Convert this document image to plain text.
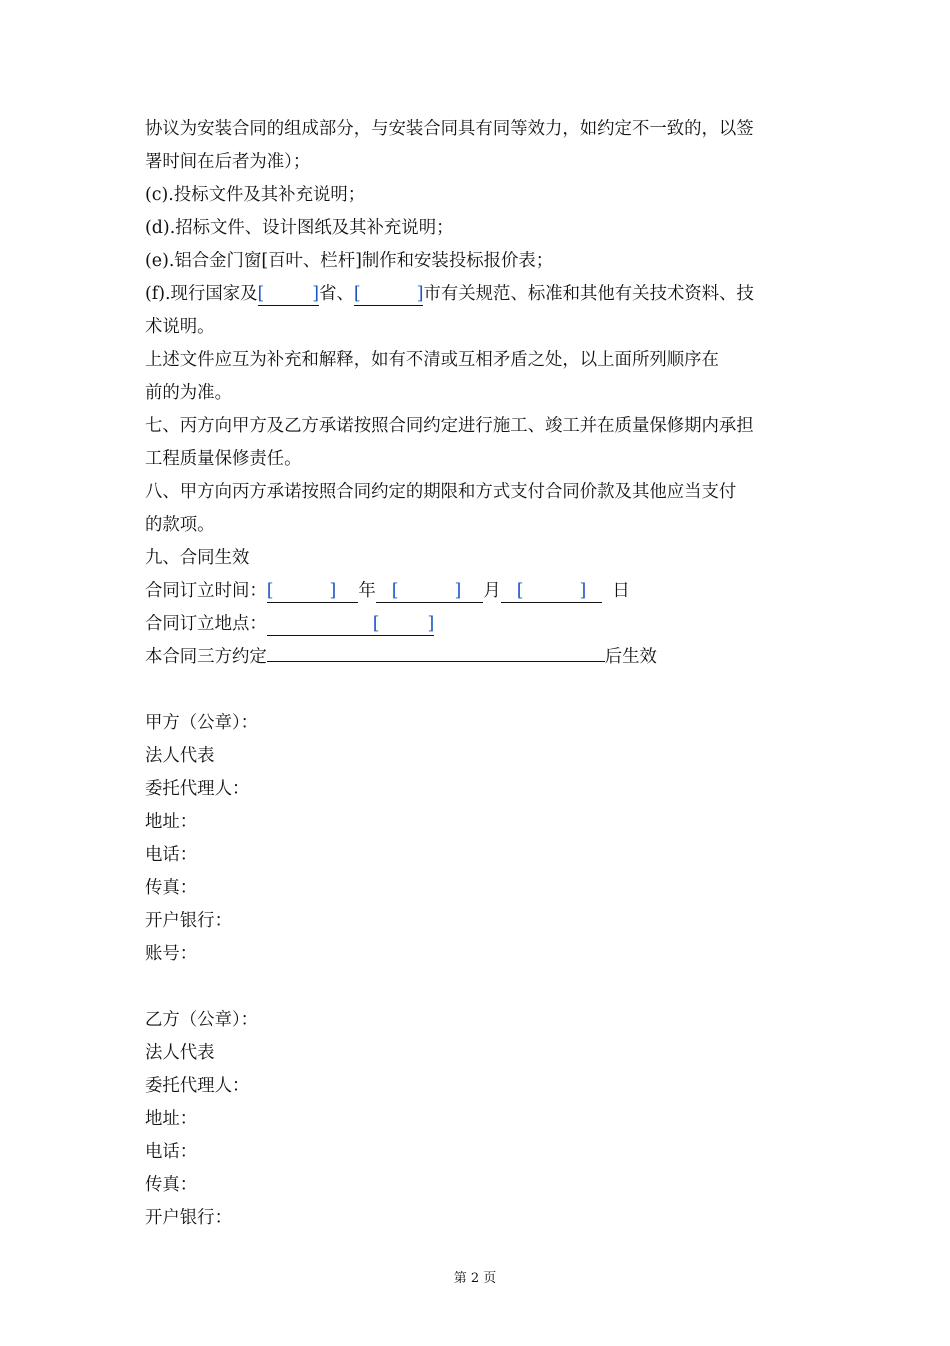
协议为安装合同的组成部分，与安装合同具有同等效力，如约定不一致的，以签
署时间在后者为准）；
(c).投标文件及其补充说明；
(d).招标文件、设计图纸及其补充说明；
(e).铝合金门窗[百叶、栏杆]制作和安装投标报价表；
(f).现行国家及[	]省、[	]市有关规范、标准和其他有关技术资料、技
术说明。
上述文件应互为补充和解释，如有不清或互相矛盾之处，以上面所列顺序在
前的为准。
七、丙方向甲方及乙方承诺按照合同约定进行施工、竣工并在质量保修期内承担
工程质量保修责任。
八、甲方向丙方承诺按照合同约定的期限和方式支付合同价款及其他应当支付
的款项。
九、合同生效
合同订立时间：[	] 年 [	] 月 [	] 日
合同订立地点：	[	]
本合同三方约定	后生效
甲方（公章）：
法人代表
委托代理人：
地址：
电话：
传真：
开户银行：
账号：
乙方（公章）：
法人代表
委托代理人：
地址：
电话：
传真：
开户银行：
第 2 页
